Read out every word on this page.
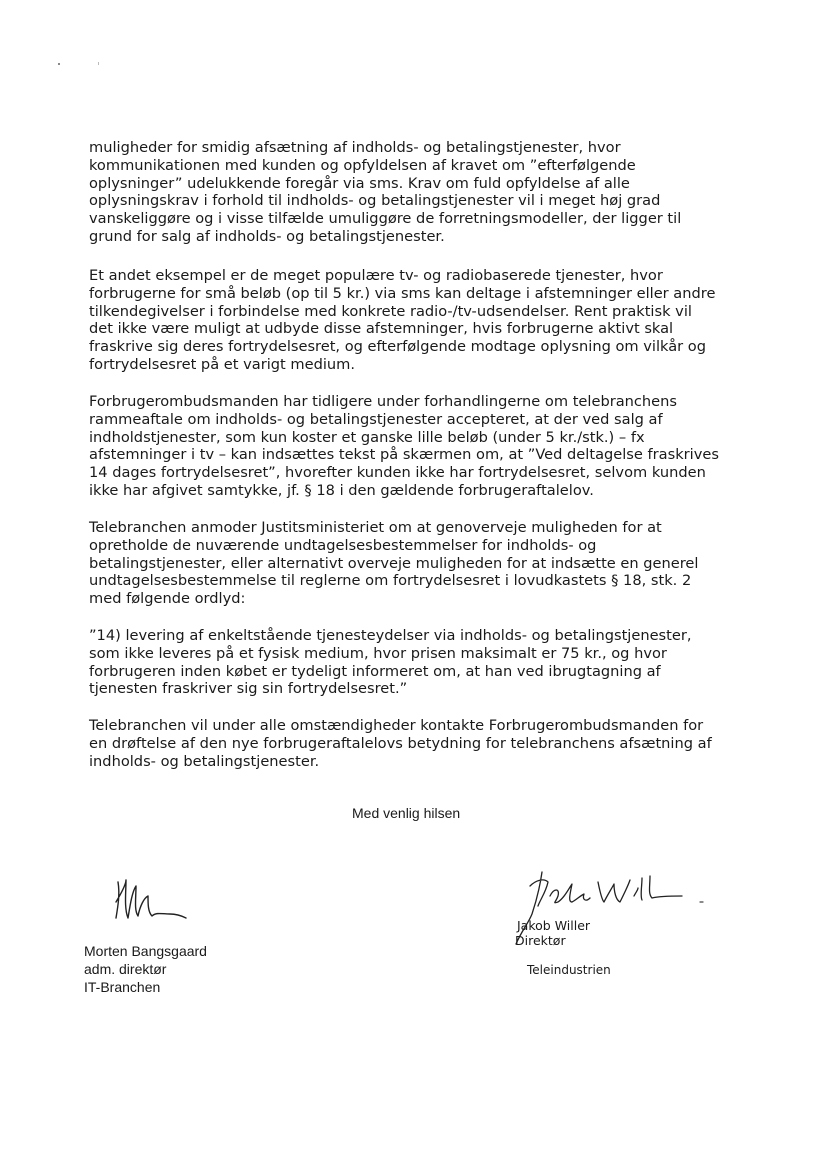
muligheder for smidig afsætning af indholds- og betalingstjenester, hvor
kommunikationen med kunden og opfyldelsen af kravet om ”efterfølgende
oplysninger” udelukkende foregår via sms. Krav om fuld opfyldelse af alle
oplysningskrav i forhold til indholds- og betalingstjenester vil i meget høj grad
vanskeliggøre og i visse tilfælde umuliggøre de forretningsmodeller, der ligger til
grund for salg af indholds- og betalingstjenester.
Et andet eksempel er de meget populære tv- og radiobaserede tjenester, hvor
forbrugerne for små beløb (op til 5 kr.) via sms kan deltage i afstemninger eller andre
tilkendegivelser i forbindelse med konkrete radio-/tv-udsendelser. Rent praktisk vil
det ikke være muligt at udbyde disse afstemninger, hvis forbrugerne aktivt skal
fraskrive sig deres fortrydelsesret, og efterfølgende modtage oplysning om vilkår og
fortrydelsesret på et varigt medium.
Forbrugerombudsmanden har tidligere under forhandlingerne om telebranchens
rammeaftale om indholds- og betalingstjenester accepteret, at der ved salg af
indholdstjenester, som kun koster et ganske lille beløb (under 5 kr./stk.) – fx
afstemninger i tv – kan indsættes tekst på skærmen om, at ”Ved deltagelse fraskrives
14 dages fortrydelsesret”, hvorefter kunden ikke har fortrydelsesret, selvom kunden
ikke har afgivet samtykke, jf. § 18 i den gældende forbrugeraftalelov.
Telebranchen anmoder Justitsministeriet om at genoverveje muligheden for at
opretholde de nuværende undtagelsesbestemmelser for indholds- og
betalingstjenester, eller alternativt overveje muligheden for at indsætte en generel
undtagelsesbestemmelse til reglerne om fortrydelsesret i lovudkastets § 18, stk. 2
med følgende ordlyd:
”14) levering af enkeltstående tjenesteydelser via indholds- og betalingstjenester,
som ikke leveres på et fysisk medium, hvor prisen maksimalt er 75 kr., og hvor
forbrugeren inden købet er tydeligt informeret om, at han ved ibrugtagning af
tjenesten fraskriver sig sin fortrydelsesret.”
Telebranchen vil under alle omstændigheder kontakte Forbrugerombudsmanden for
en drøftelse af den nye forbrugeraftalelovs betydning for telebranchens afsætning af
indholds- og betalingstjenester.
Med venlig hilsen
Morten Bangsgaard
adm. direktør
IT-Branchen
Jakob Willer
Direktør
Teleindustrien
